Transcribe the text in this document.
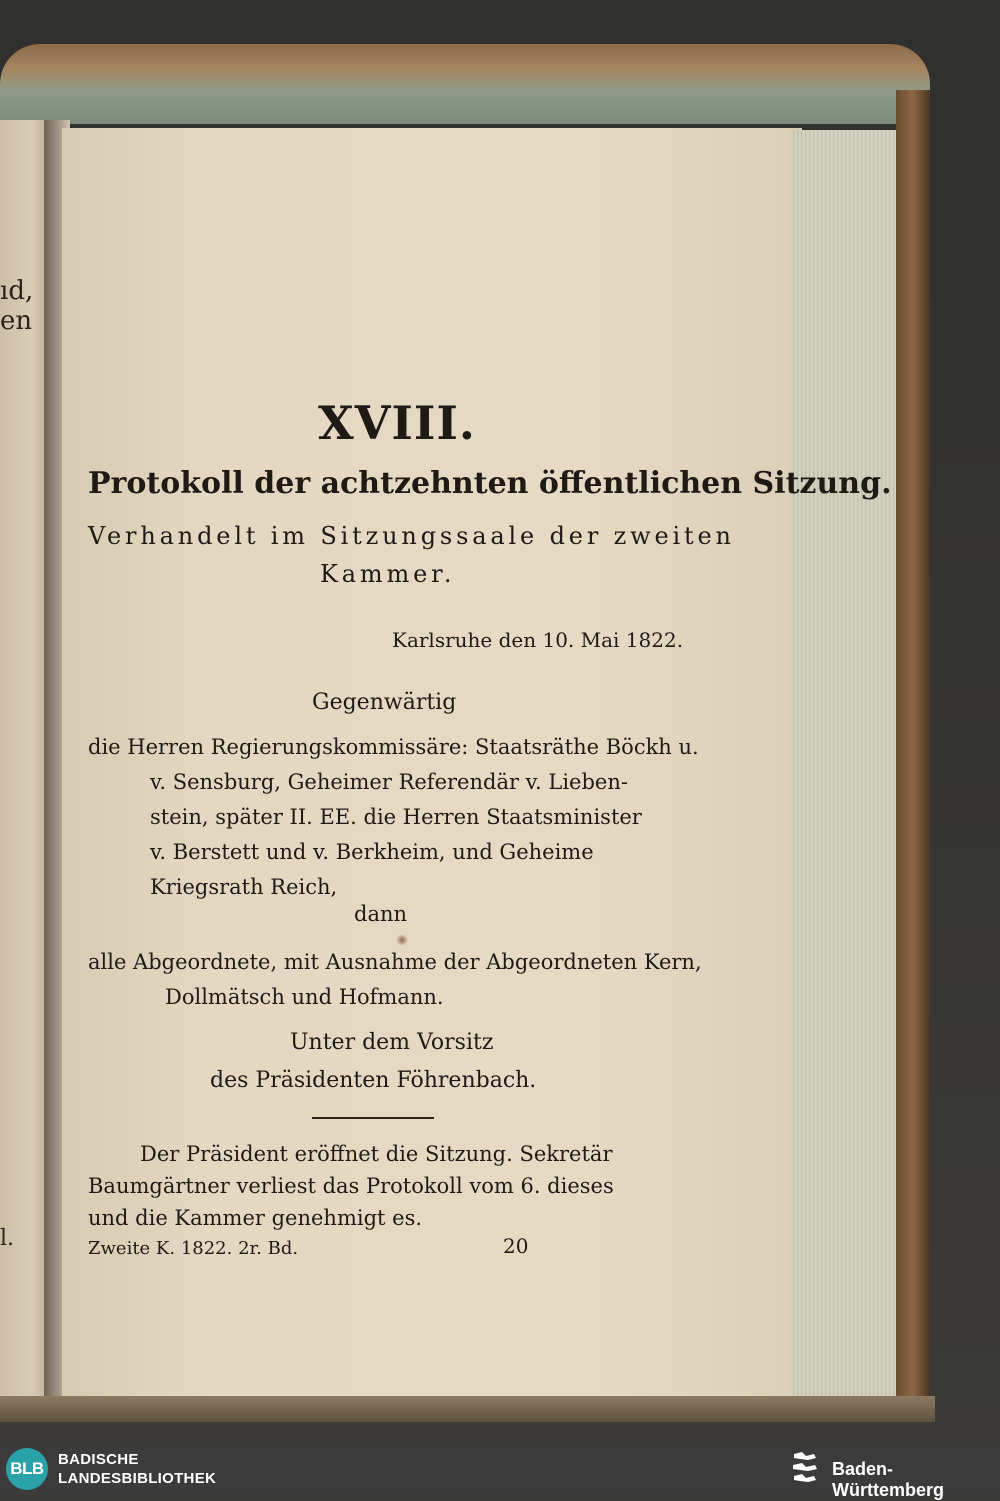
ıd,
en
l.
XVIII.
Protokoll der achtzehnten öffentlichen Sitzung.
Verhandelt im Sitzungssaale der zweiten
Kammer.
Karlsruhe den 10. Mai 1822.
Gegenwärtig
die Herren Regierungskommissäre: Staatsräthe Böckh u.
v. Sensburg, Geheimer Referendär v. Lieben-
stein, später II. EE. die Herren Staatsminister
v. Berstett und v. Berkheim, und Geheime
Kriegsrath Reich,
dann
alle Abgeordnete, mit Ausnahme der Abgeordneten Kern,
Dollmätsch und Hofmann.
Unter dem Vorsitz
des Präsidenten Föhrenbach.
Der Präsident eröffnet die Sitzung. Sekretär
Baumgärtner verliest das Protokoll vom 6. dieses
und die Kammer genehmigt es.
Zweite K. 1822. 2r. Bd.	20
BLB BADISCHE
LANDESBIBLIOTHEK	Baden-Württemberg
